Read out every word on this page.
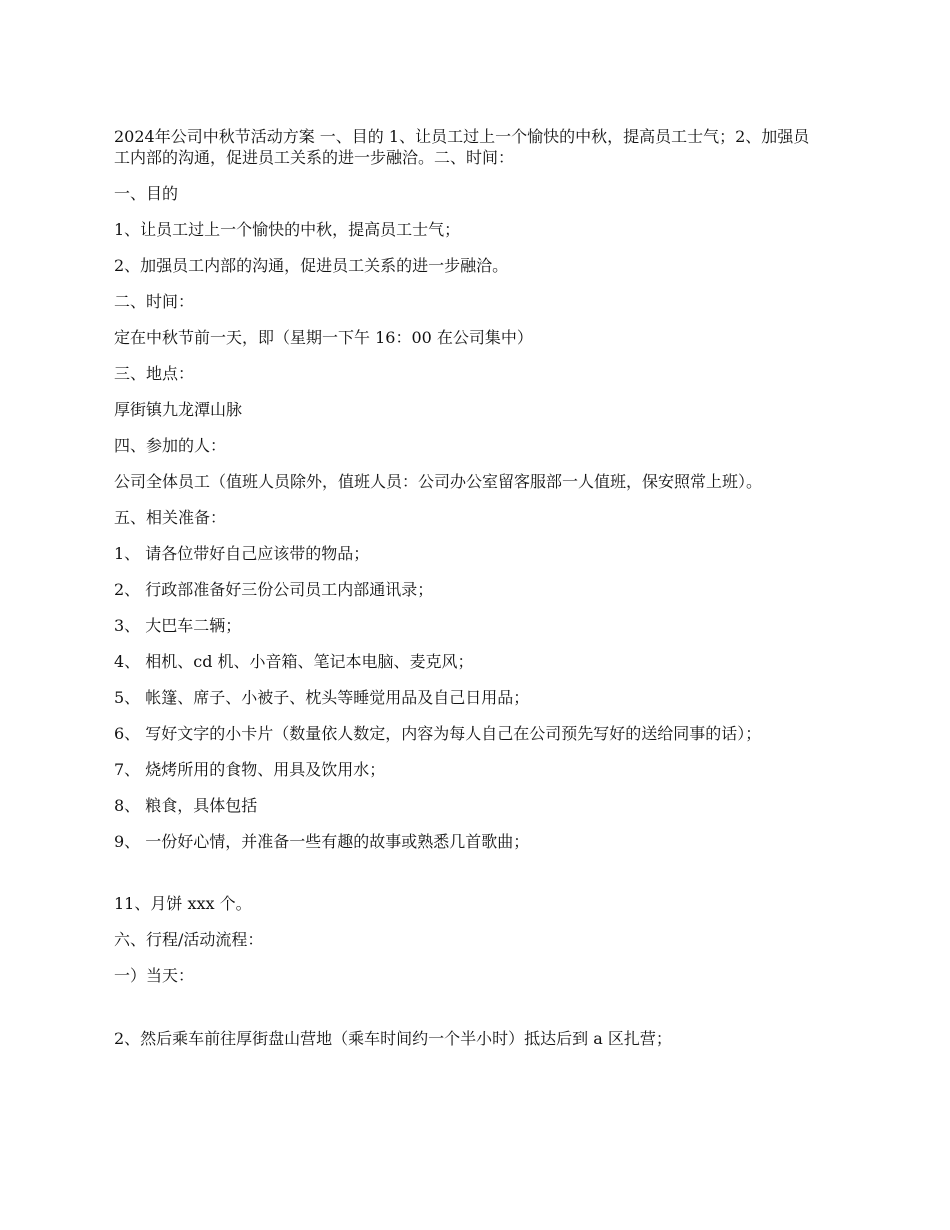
2024年公司中秋节活动方案 一、目的 1、让员工过上一个愉快的中秋，提高员工士气；2、加强员工内部的沟通，促进员工关系的进一步融洽。二、时间：

一、目的

1、让员工过上一个愉快的中秋，提高员工士气；

2、加强员工内部的沟通，促进员工关系的进一步融洽。

二、时间：

定在中秋节前一天，即（星期一下午 16：00 在公司集中）

三、地点：

厚街镇九龙潭山脉

四、参加的人：

公司全体员工（值班人员除外，值班人员：公司办公室留客服部一人值班，保安照常上班）。

五、相关准备：

1、 请各位带好自己应该带的物品；

2、 行政部准备好三份公司员工内部通讯录；

3、 大巴车二辆；

4、 相机、cd 机、小音箱、笔记本电脑、麦克风；

5、 帐篷、席子、小被子、枕头等睡觉用品及自己日用品；

6、 写好文字的小卡片（数量依人数定，内容为每人自己在公司预先写好的送给同事的话）；

7、 烧烤所用的食物、用具及饮用水；

8、 粮食，具体包括

9、 一份好心情，并准备一些有趣的故事或熟悉几首歌曲；

11、月饼 xxx 个。

六、行程/活动流程：

一）当天：

2、然后乘车前往厚街盘山营地（乘车时间约一个半小时）抵达后到 a 区扎营；
